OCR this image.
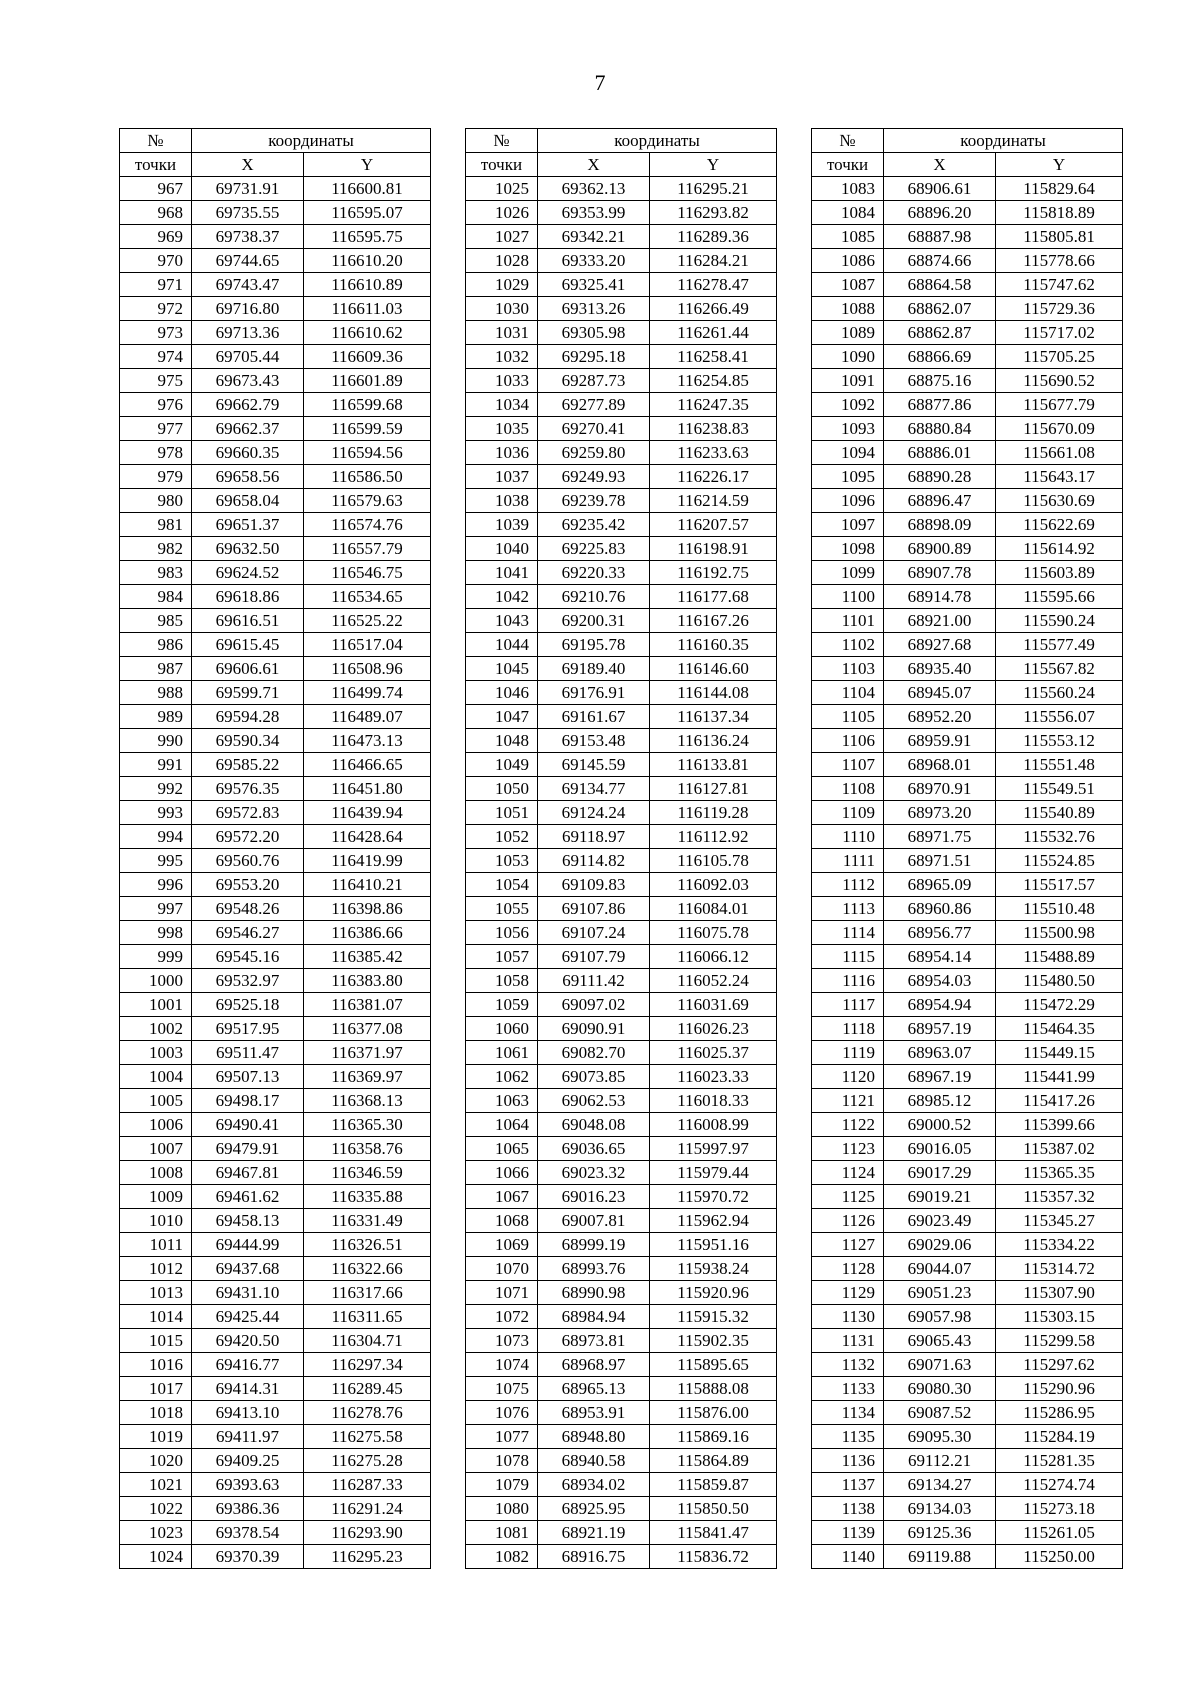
7
№	координаты	
точки	X	Y
967	69731.91	116600.81
968	69735.55	116595.07
969	69738.37	116595.75
970	69744.65	116610.20
971	69743.47	116610.89
972	69716.80	116611.03
973	69713.36	116610.62
974	69705.44	116609.36
975	69673.43	116601.89
976	69662.79	116599.68
977	69662.37	116599.59
978	69660.35	116594.56
979	69658.56	116586.50
980	69658.04	116579.63
981	69651.37	116574.76
982	69632.50	116557.79
983	69624.52	116546.75
984	69618.86	116534.65
985	69616.51	116525.22
986	69615.45	116517.04
987	69606.61	116508.96
988	69599.71	116499.74
989	69594.28	116489.07
990	69590.34	116473.13
991	69585.22	116466.65
992	69576.35	116451.80
993	69572.83	116439.94
994	69572.20	116428.64
995	69560.76	116419.99
996	69553.20	116410.21
997	69548.26	116398.86
998	69546.27	116386.66
999	69545.16	116385.42
1000	69532.97	116383.80
1001	69525.18	116381.07
1002	69517.95	116377.08
1003	69511.47	116371.97
1004	69507.13	116369.97
1005	69498.17	116368.13
1006	69490.41	116365.30
1007	69479.91	116358.76
1008	69467.81	116346.59
1009	69461.62	116335.88
1010	69458.13	116331.49
1011	69444.99	116326.51
1012	69437.68	116322.66
1013	69431.10	116317.66
1014	69425.44	116311.65
1015	69420.50	116304.71
1016	69416.77	116297.34
1017	69414.31	116289.45
1018	69413.10	116278.76
1019	69411.97	116275.58
1020	69409.25	116275.28
1021	69393.63	116287.33
1022	69386.36	116291.24
1023	69378.54	116293.90
1024	69370.39	116295.23
№	координаты	
точки	X	Y
1025	69362.13	116295.21
1026	69353.99	116293.82
1027	69342.21	116289.36
1028	69333.20	116284.21
1029	69325.41	116278.47
1030	69313.26	116266.49
1031	69305.98	116261.44
1032	69295.18	116258.41
1033	69287.73	116254.85
1034	69277.89	116247.35
1035	69270.41	116238.83
1036	69259.80	116233.63
1037	69249.93	116226.17
1038	69239.78	116214.59
1039	69235.42	116207.57
1040	69225.83	116198.91
1041	69220.33	116192.75
1042	69210.76	116177.68
1043	69200.31	116167.26
1044	69195.78	116160.35
1045	69189.40	116146.60
1046	69176.91	116144.08
1047	69161.67	116137.34
1048	69153.48	116136.24
1049	69145.59	116133.81
1050	69134.77	116127.81
1051	69124.24	116119.28
1052	69118.97	116112.92
1053	69114.82	116105.78
1054	69109.83	116092.03
1055	69107.86	116084.01
1056	69107.24	116075.78
1057	69107.79	116066.12
1058	69111.42	116052.24
1059	69097.02	116031.69
1060	69090.91	116026.23
1061	69082.70	116025.37
1062	69073.85	116023.33
1063	69062.53	116018.33
1064	69048.08	116008.99
1065	69036.65	115997.97
1066	69023.32	115979.44
1067	69016.23	115970.72
1068	69007.81	115962.94
1069	68999.19	115951.16
1070	68993.76	115938.24
1071	68990.98	115920.96
1072	68984.94	115915.32
1073	68973.81	115902.35
1074	68968.97	115895.65
1075	68965.13	115888.08
1076	68953.91	115876.00
1077	68948.80	115869.16
1078	68940.58	115864.89
1079	68934.02	115859.87
1080	68925.95	115850.50
1081	68921.19	115841.47
1082	68916.75	115836.72
№	координаты	
точки	X	Y
1083	68906.61	115829.64
1084	68896.20	115818.89
1085	68887.98	115805.81
1086	68874.66	115778.66
1087	68864.58	115747.62
1088	68862.07	115729.36
1089	68862.87	115717.02
1090	68866.69	115705.25
1091	68875.16	115690.52
1092	68877.86	115677.79
1093	68880.84	115670.09
1094	68886.01	115661.08
1095	68890.28	115643.17
1096	68896.47	115630.69
1097	68898.09	115622.69
1098	68900.89	115614.92
1099	68907.78	115603.89
1100	68914.78	115595.66
1101	68921.00	115590.24
1102	68927.68	115577.49
1103	68935.40	115567.82
1104	68945.07	115560.24
1105	68952.20	115556.07
1106	68959.91	115553.12
1107	68968.01	115551.48
1108	68970.91	115549.51
1109	68973.20	115540.89
1110	68971.75	115532.76
1111	68971.51	115524.85
1112	68965.09	115517.57
1113	68960.86	115510.48
1114	68956.77	115500.98
1115	68954.14	115488.89
1116	68954.03	115480.50
1117	68954.94	115472.29
1118	68957.19	115464.35
1119	68963.07	115449.15
1120	68967.19	115441.99
1121	68985.12	115417.26
1122	69000.52	115399.66
1123	69016.05	115387.02
1124	69017.29	115365.35
1125	69019.21	115357.32
1126	69023.49	115345.27
1127	69029.06	115334.22
1128	69044.07	115314.72
1129	69051.23	115307.90
1130	69057.98	115303.15
1131	69065.43	115299.58
1132	69071.63	115297.62
1133	69080.30	115290.96
1134	69087.52	115286.95
1135	69095.30	115284.19
1136	69112.21	115281.35
1137	69134.27	115274.74
1138	69134.03	115273.18
1139	69125.36	115261.05
1140	69119.88	115250.00
